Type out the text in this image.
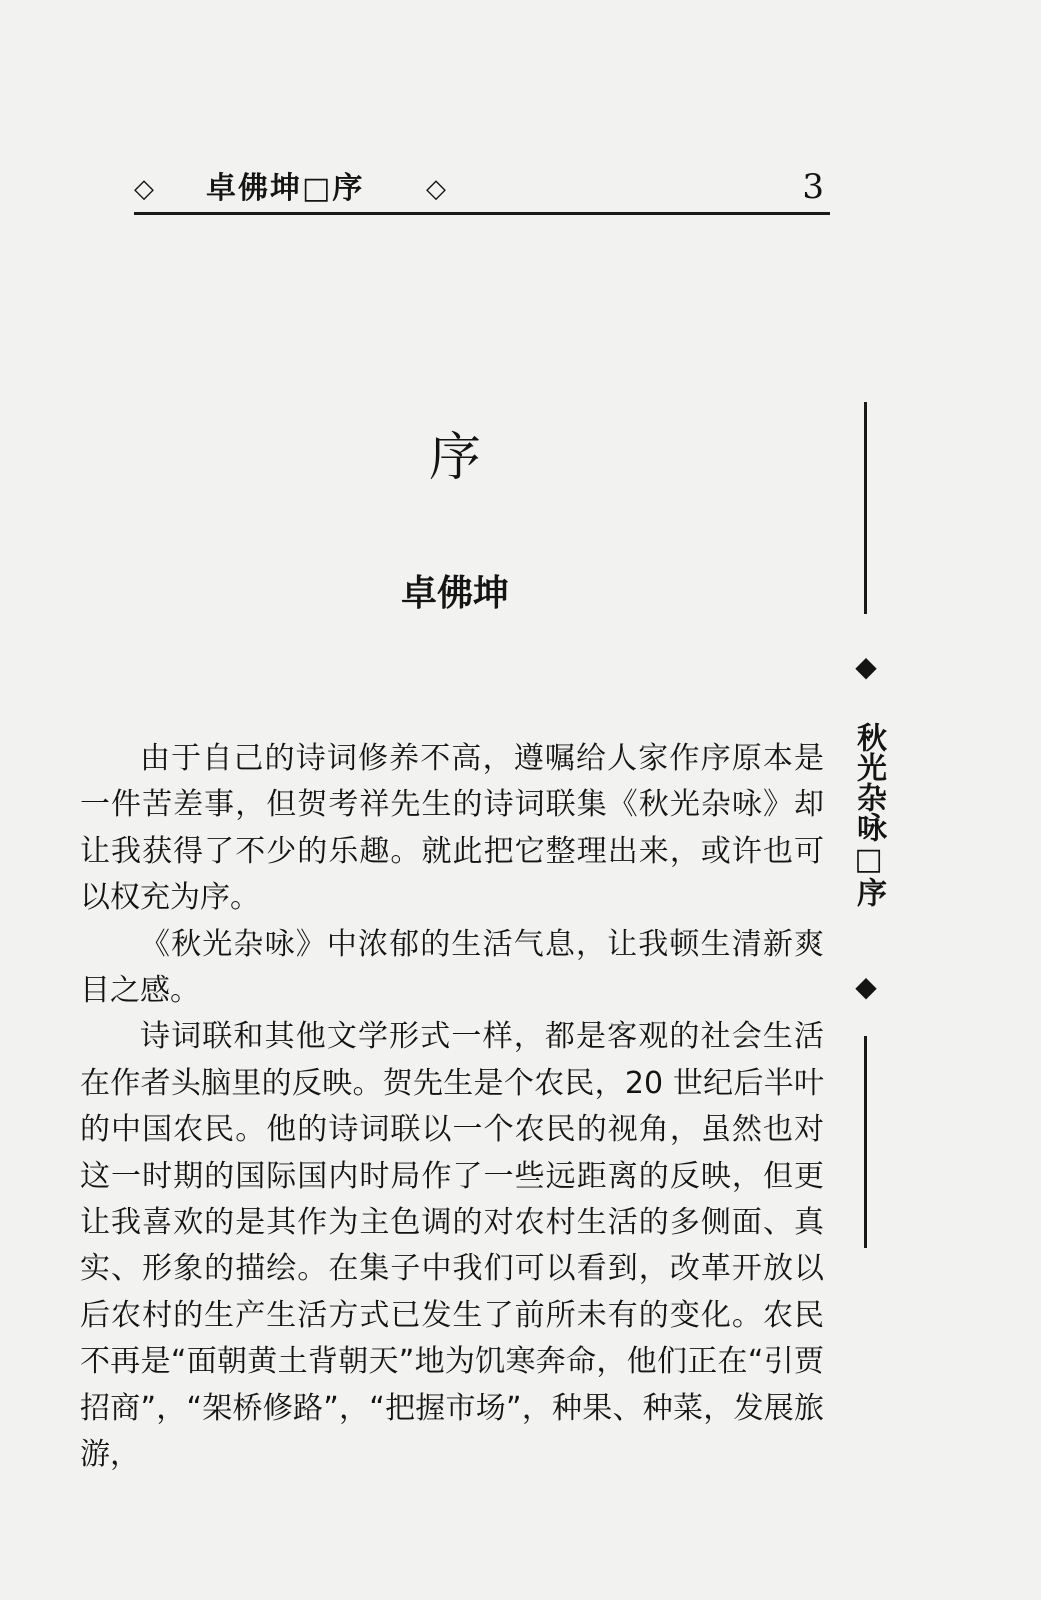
◇ 卓佛坤□序 ◇	3
序
卓佛坤

由于自己的诗词修养不高，遵嘱给人家作序原本是一件苦差事，但贺考祥先生的诗词联集《秋光杂咏》却让我获得了不少的乐趣。就此把它整理出来，或许也可以权充为序。

《秋光杂咏》中浓郁的生活气息，让我顿生清新爽目之感。

诗词联和其他文学形式一样，都是客观的社会生活在作者头脑里的反映。贺先生是个农民，20 世纪后半叶的中国农民。他的诗词联以一个农民的视角，虽然也对这一时期的国际国内时局作了一些远距离的反映，但更让我喜欢的是其作为主色调的对农村生活的多侧面、真实、形象的描绘。在集子中我们可以看到，改革开放以后农村的生产生活方式已发生了前所未有的变化。农民不再是“面朝黄土背朝天”地为饥寒奔命，他们正在“引贾招商”，“架桥修路”，“把握市场”，种果、种菜，发展旅游，

◆
秋光杂咏□序
◆
